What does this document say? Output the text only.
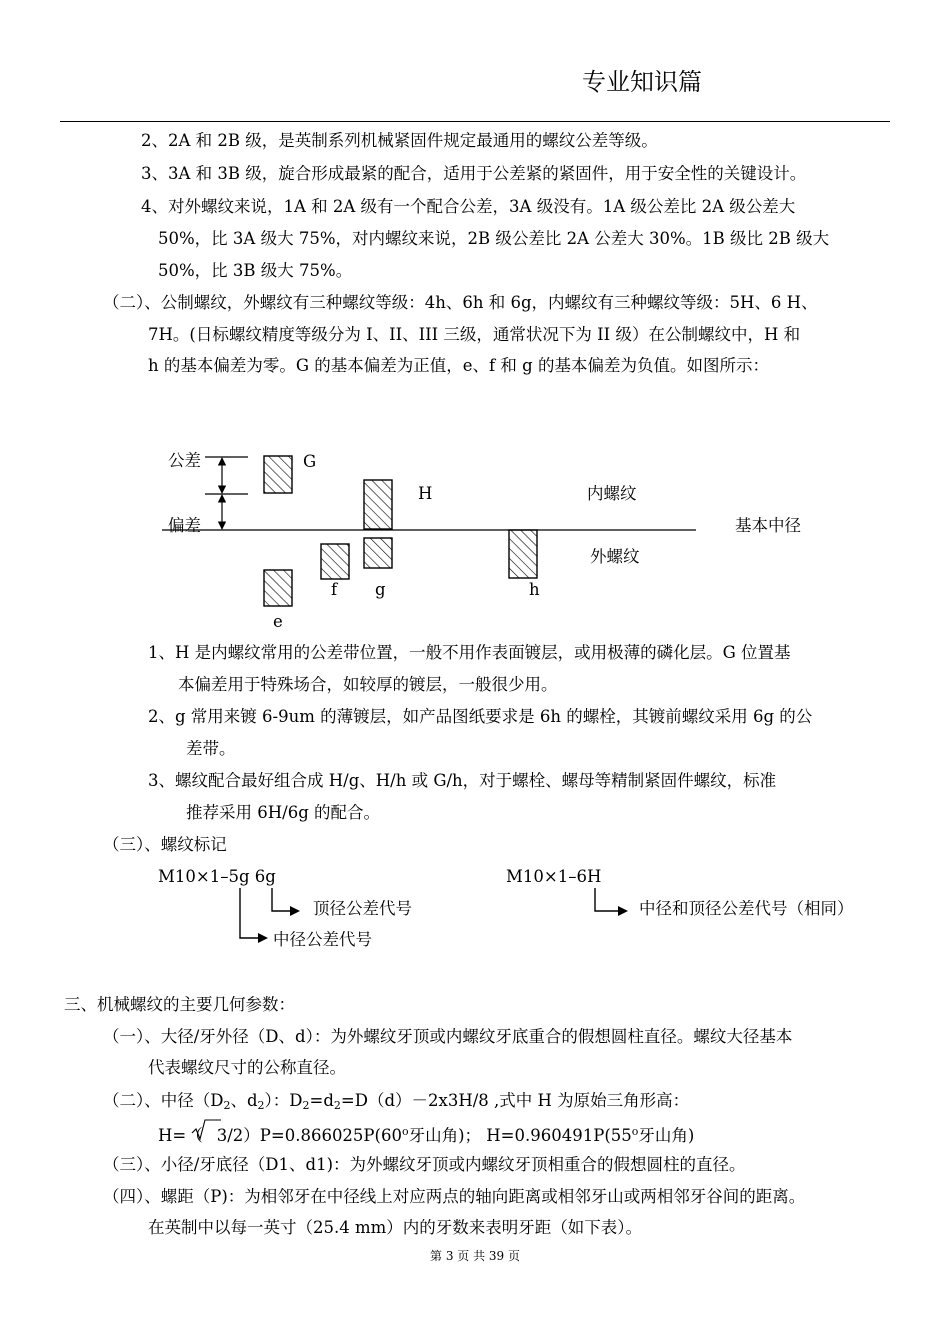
专业知识篇
2、2A 和 2B 级，是英制系列机械紧固件规定最通用的螺纹公差等级。
3、3A 和 3B 级，旋合形成最紧的配合，适用于公差紧的紧固件，用于安全性的关键设计。
4、对外螺纹来说，1A 和 2A 级有一个配合公差，3A 级没有。1A 级公差比 2A 级公差大
50%，比 3A 级大 75%，对内螺纹来说，2B 级公差比 2A 公差大 30%。1B 级比 2B 级大
50%，比 3B 级大 75%。
（二）、公制螺纹，外螺纹有三种螺纹等级：4h、6h 和 6g，内螺纹有三种螺纹等级：5H、6 H、
7H。(日标螺纹精度等级分为 I、II、III 三级，通常状况下为 II 级）在公制螺纹中，H 和
h 的基本偏差为零。G 的基本偏差为正值，e、f 和 g 的基本偏差为负值。如图所示：
公差
偏差
G
H	内螺纹
基本中径
外螺纹
f g	h
e
1、H 是内螺纹常用的公差带位置，一般不用作表面镀层，或用极薄的磷化层。G 位置基
本偏差用于特殊场合，如较厚的镀层，一般很少用。
2、g 常用来镀 6-9um 的薄镀层，如产品图纸要求是 6h 的螺栓，其镀前螺纹采用 6g 的公
差带。
3、螺纹配合最好组合成 H/g、H/h 或 G/h，对于螺栓、螺母等精制紧固件螺纹，标准
推荐采用 6H/6g 的配合。
（三）、螺纹标记
M10×1–5g 6g
顶径公差代号
中径公差代号
M10×1–6H
中径和顶径公差代号（相同）
三、机械螺纹的主要几何参数：
（一）、大径/牙外径（D、d）：为外螺纹牙顶或内螺纹牙底重合的假想圆柱直径。螺纹大径基本
代表螺纹尺寸的公称直径。
（二）、中径（$D_2$、$d_2$）：$D_2=d_2=D(d)-2x3H/8$ ,式中 H 为原始三角形高：
H=（ $3/2)P=0.866025P(60^o$牙山角)； $H=0.960491P(55^o$牙山角)
（三）、小径/牙底径（D1、d1)：为外螺纹牙顶或内螺纹牙顶相重合的假想圆柱的直径。
（四）、螺距（P)：为相邻牙在中径线上对应两点的轴向距离或相邻牙山或两相邻牙谷间的距离。
在英制中以每一英寸（25.4 mm）内的牙数来表明牙距（如下表）。
第 3 页 共 39 页
